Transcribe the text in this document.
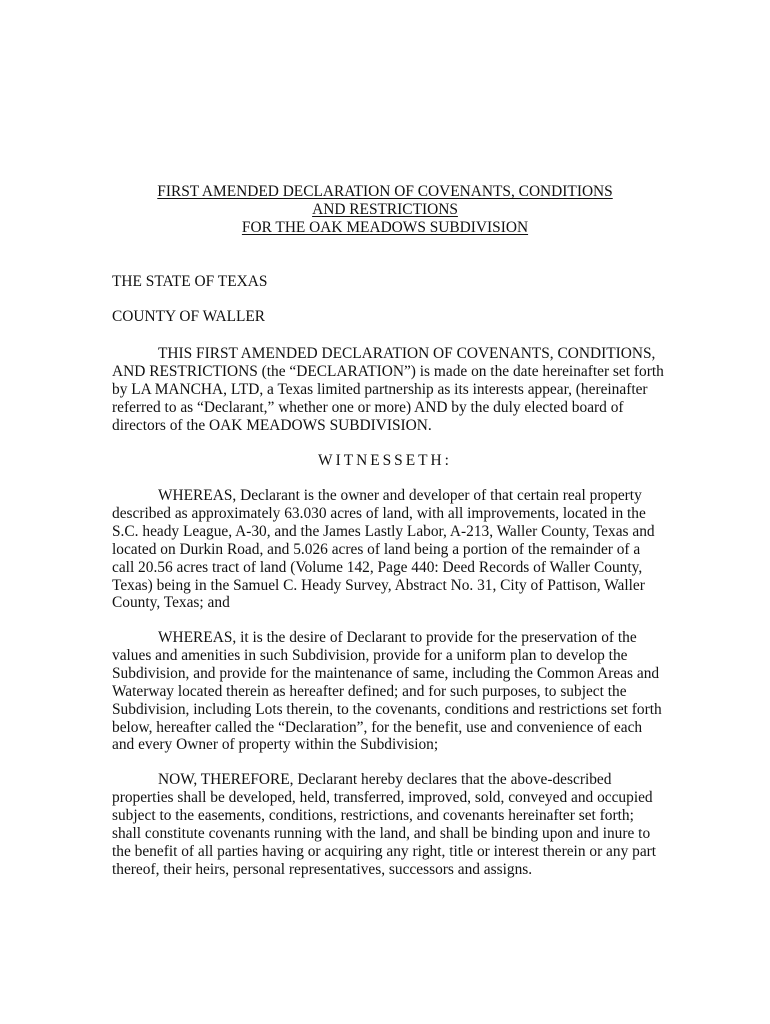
FIRST AMENDED DECLARATION OF COVENANTS, CONDITIONS
AND RESTRICTIONS
FOR THE OAK MEADOWS SUBDIVISION
THE STATE OF TEXAS
COUNTY OF WALLER
THIS FIRST AMENDED DECLARATION OF COVENANTS, CONDITIONS,
AND RESTRICTIONS (the “DECLARATION”) is made on the date hereinafter set forth
by LA MANCHA, LTD, a Texas limited partnership as its interests appear, (hereinafter
referred to as “Declarant,” whether one or more) AND by the duly elected board of
directors of the OAK MEADOWS SUBDIVISION.
WITNESSETH:
WHEREAS, Declarant is the owner and developer of that certain real property
described as approximately 63.030 acres of land, with all improvements, located in the
S.C. heady League, A-30, and the James Lastly Labor, A-213, Waller County, Texas and
located on Durkin Road, and 5.026 acres of land being a portion of the remainder of a
call 20.56 acres tract of land (Volume 142, Page 440: Deed Records of Waller County,
Texas) being in the Samuel C. Heady Survey, Abstract No. 31, City of Pattison, Waller
County, Texas; and
WHEREAS, it is the desire of Declarant to provide for the preservation of the
values and amenities in such Subdivision, provide for a uniform plan to develop the
Subdivision, and provide for the maintenance of same, including the Common Areas and
Waterway located therein as hereafter defined; and for such purposes, to subject the
Subdivision, including Lots therein, to the covenants, conditions and restrictions set forth
below, hereafter called the “Declaration”, for the benefit, use and convenience of each
and every Owner of property within the Subdivision;
NOW, THEREFORE, Declarant hereby declares that the above-described
properties shall be developed, held, transferred, improved, sold, conveyed and occupied
subject to the easements, conditions, restrictions, and covenants hereinafter set forth;
shall constitute covenants running with the land, and shall be binding upon and inure to
the benefit of all parties having or acquiring any right, title or interest therein or any part
thereof, their heirs, personal representatives, successors and assigns.
